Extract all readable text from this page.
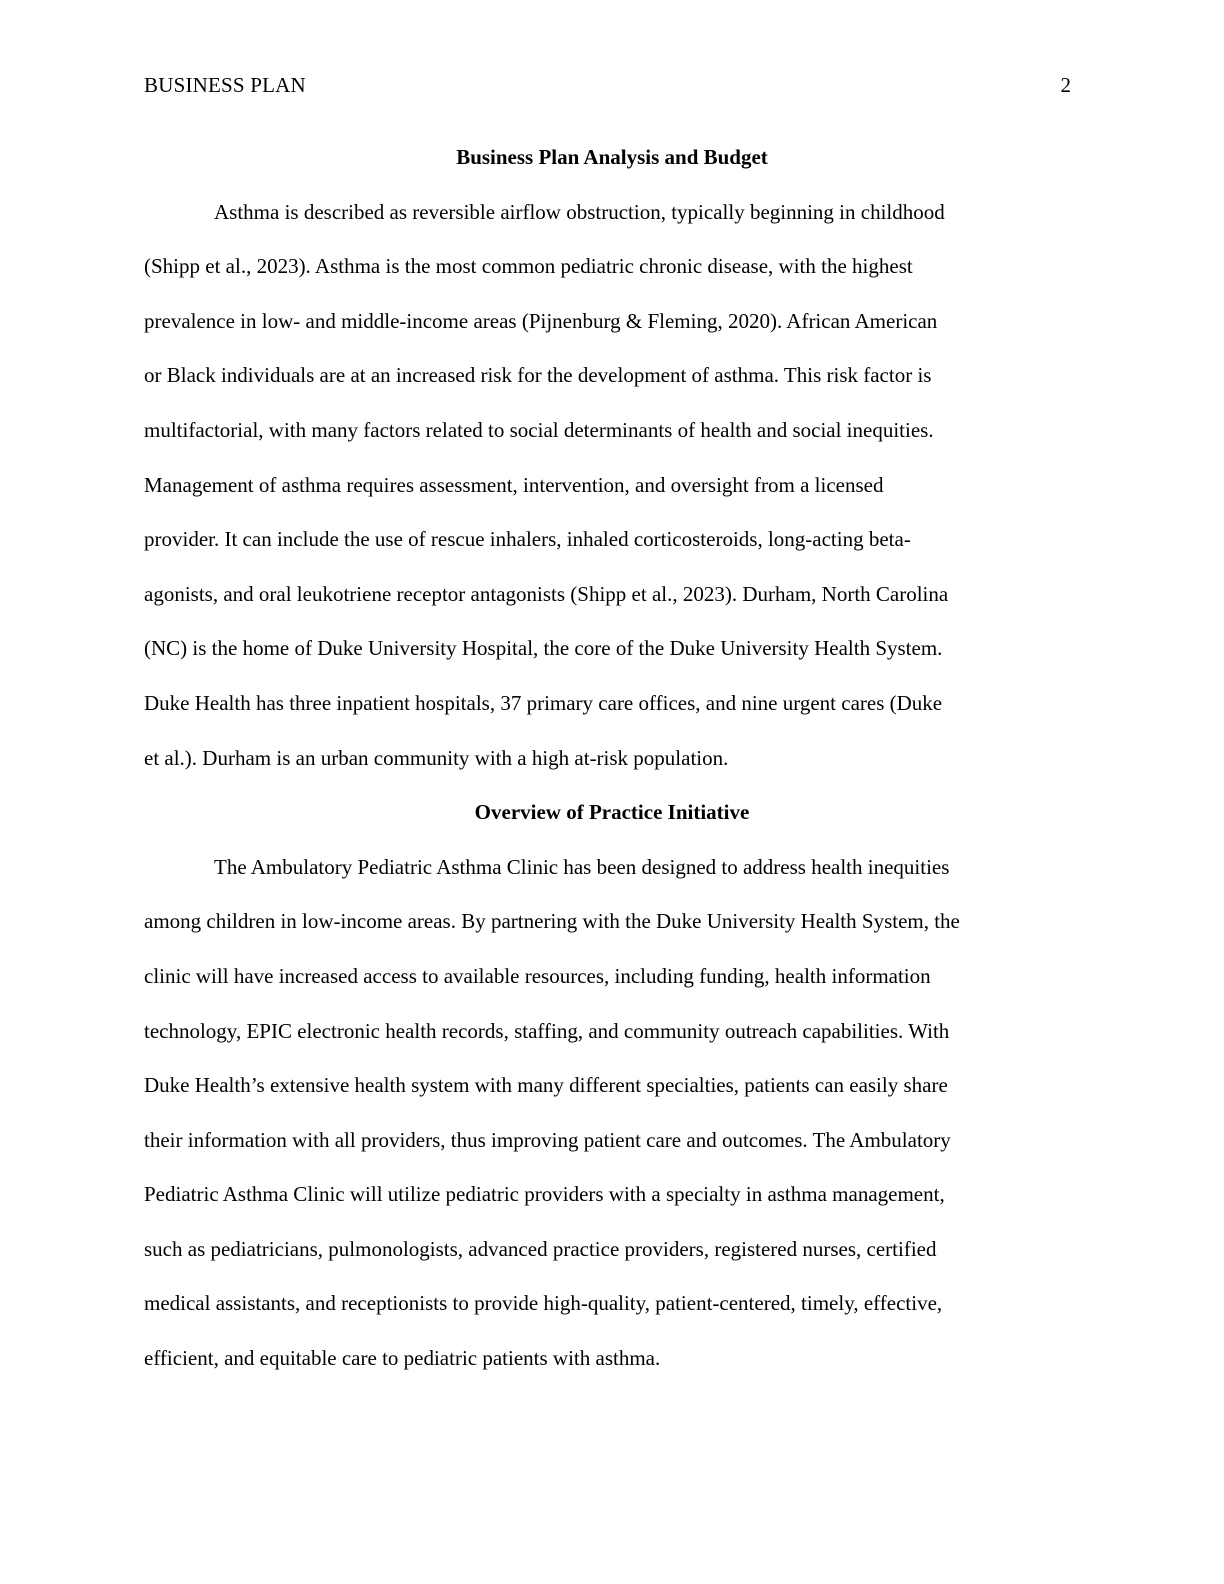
BUSINESS PLAN	2
Business Plan Analysis and Budget
Asthma is described as reversible airflow obstruction, typically beginning in childhood
(Shipp et al., 2023). Asthma is the most common pediatric chronic disease, with the highest
prevalence in low- and middle-income areas (Pijnenburg & Fleming, 2020). African American
or Black individuals are at an increased risk for the development of asthma. This risk factor is
multifactorial, with many factors related to social determinants of health and social inequities.
Management of asthma requires assessment, intervention, and oversight from a licensed
provider. It can include the use of rescue inhalers, inhaled corticosteroids, long-acting beta-
agonists, and oral leukotriene receptor antagonists (Shipp et al., 2023). Durham, North Carolina
(NC) is the home of Duke University Hospital, the core of the Duke University Health System.
Duke Health has three inpatient hospitals, 37 primary care offices, and nine urgent cares (Duke
et al.). Durham is an urban community with a high at-risk population.
Overview of Practice Initiative
The Ambulatory Pediatric Asthma Clinic has been designed to address health inequities
among children in low-income areas. By partnering with the Duke University Health System, the
clinic will have increased access to available resources, including funding, health information
technology, EPIC electronic health records, staffing, and community outreach capabilities. With
Duke Health’s extensive health system with many different specialties, patients can easily share
their information with all providers, thus improving patient care and outcomes. The Ambulatory
Pediatric Asthma Clinic will utilize pediatric providers with a specialty in asthma management,
such as pediatricians, pulmonologists, advanced practice providers, registered nurses, certified
medical assistants, and receptionists to provide high-quality, patient-centered, timely, effective,
efficient, and equitable care to pediatric patients with asthma.
